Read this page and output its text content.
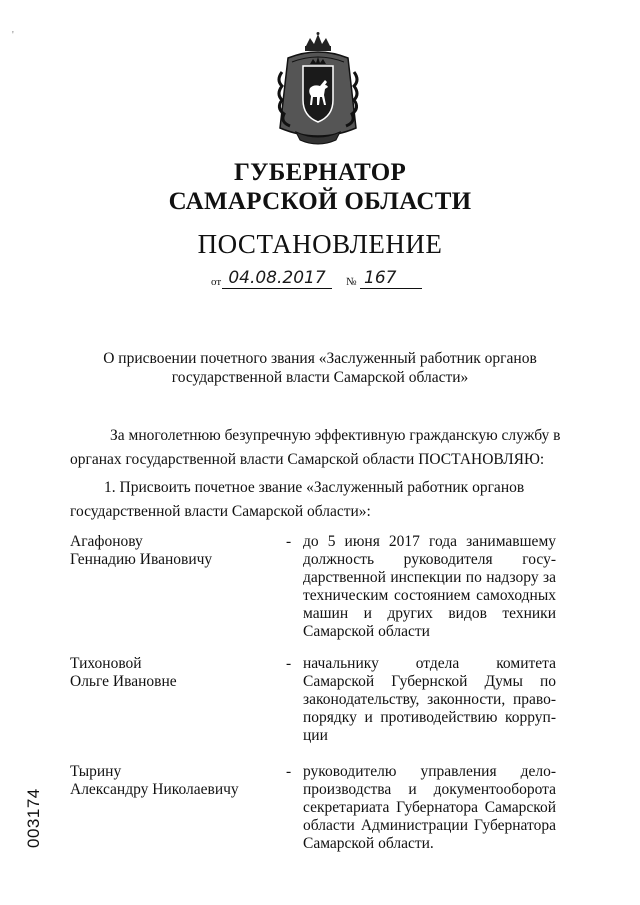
'
ГУБЕРНАТОР
САМАРСКОЙ ОБЛАСТИ
ПОСТАНОВЛЕНИЕ
от 04.08.2017	№ 167
О присвоении почетного звания «Заслуженный работник органов
государственной власти Самарской области»
За многолетнюю безупречную эффективную гражданскую службу в
органах государственной власти Самарской области ПОСТАНОВЛЯЮ:
1. Присвоить почетное звание «Заслуженный работник органов
государственной власти Самарской области»:
Агафонову
Геннадию Ивановичу
- до 5 июня 2017 года занимавшему
должность руководителя госу-
дарственной инспекции по надзору за
техническим состоянием самоходных
машин и других видов техники
Самарской области
Тихоновой
Ольге Ивановне
- начальнику отдела комитета
Самарской Губернской Думы по
законодательству, законности, право-
порядку и противодействию корруп-
ции
Тырину
Александру Николаевичу
- руководителю управления дело-
производства и документооборота
секретариата Губернатора Самарской
области Администрации Губернатора
Самарской области.
003174
